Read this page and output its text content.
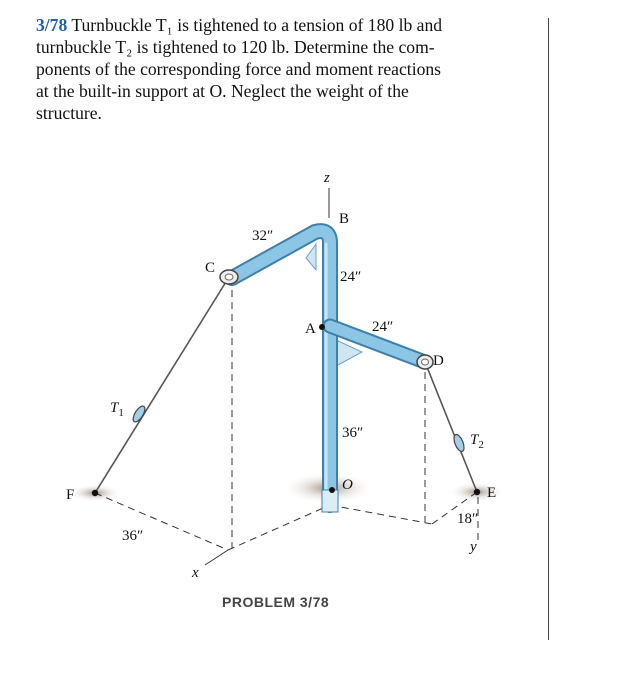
3/78 Turnbuckle T₁ is tightened to a tension of 180 lb and
turnbuckle T₂ is tightened to 120 lb. Determine the com-
ponents of the corresponding force and moment reactions
at the built-in support at O. Neglect the weight of the
structure.
z
B
C
A
D
O
F	E
x
y
$T_1$
$T_2$
32″
24″
24″
36″
36″
18″
PROBLEM 3/78
